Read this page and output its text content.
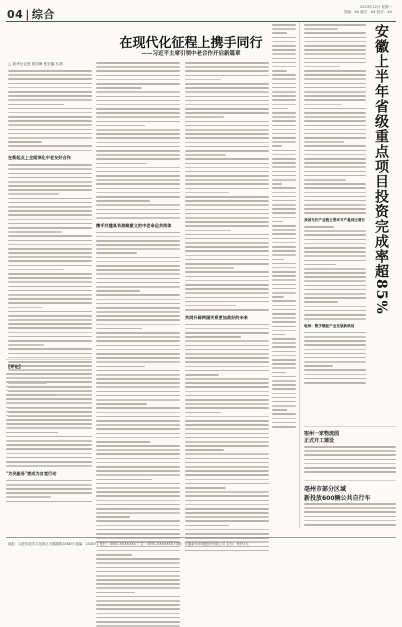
04 | 综合
2023年12月 星期一
责编：XX 版式：XX 校对：XX
在现代化征程上携手同行
——习近平主席引领中老合作开启新篇章
□ 新华社记者 郭信峰 张宏鑫 丛明
在新起点上全面深化中老友好合作
携手共建具有战略意义的中老命运共同体
共同开辟两国关系更加美好的未来
我国光伏产业链主要环节产量同比增长
亳州：数字赋能产业发展新格局
安徽上半年省级重点项目投资完成率超85%
宿州一家物流园
正式开工建设
亳州市部分区域
新投放600辆公共自行车
【评论】
"为民服务"要成为自觉行动
地址：合肥市政务文化新区天鹅湖路1888号 邮编：230071 发行：0551-XXXXXXX 广告：0551-XXXXXXX 印刷：安徽新华印刷股份有限公司 定价：每份1元
